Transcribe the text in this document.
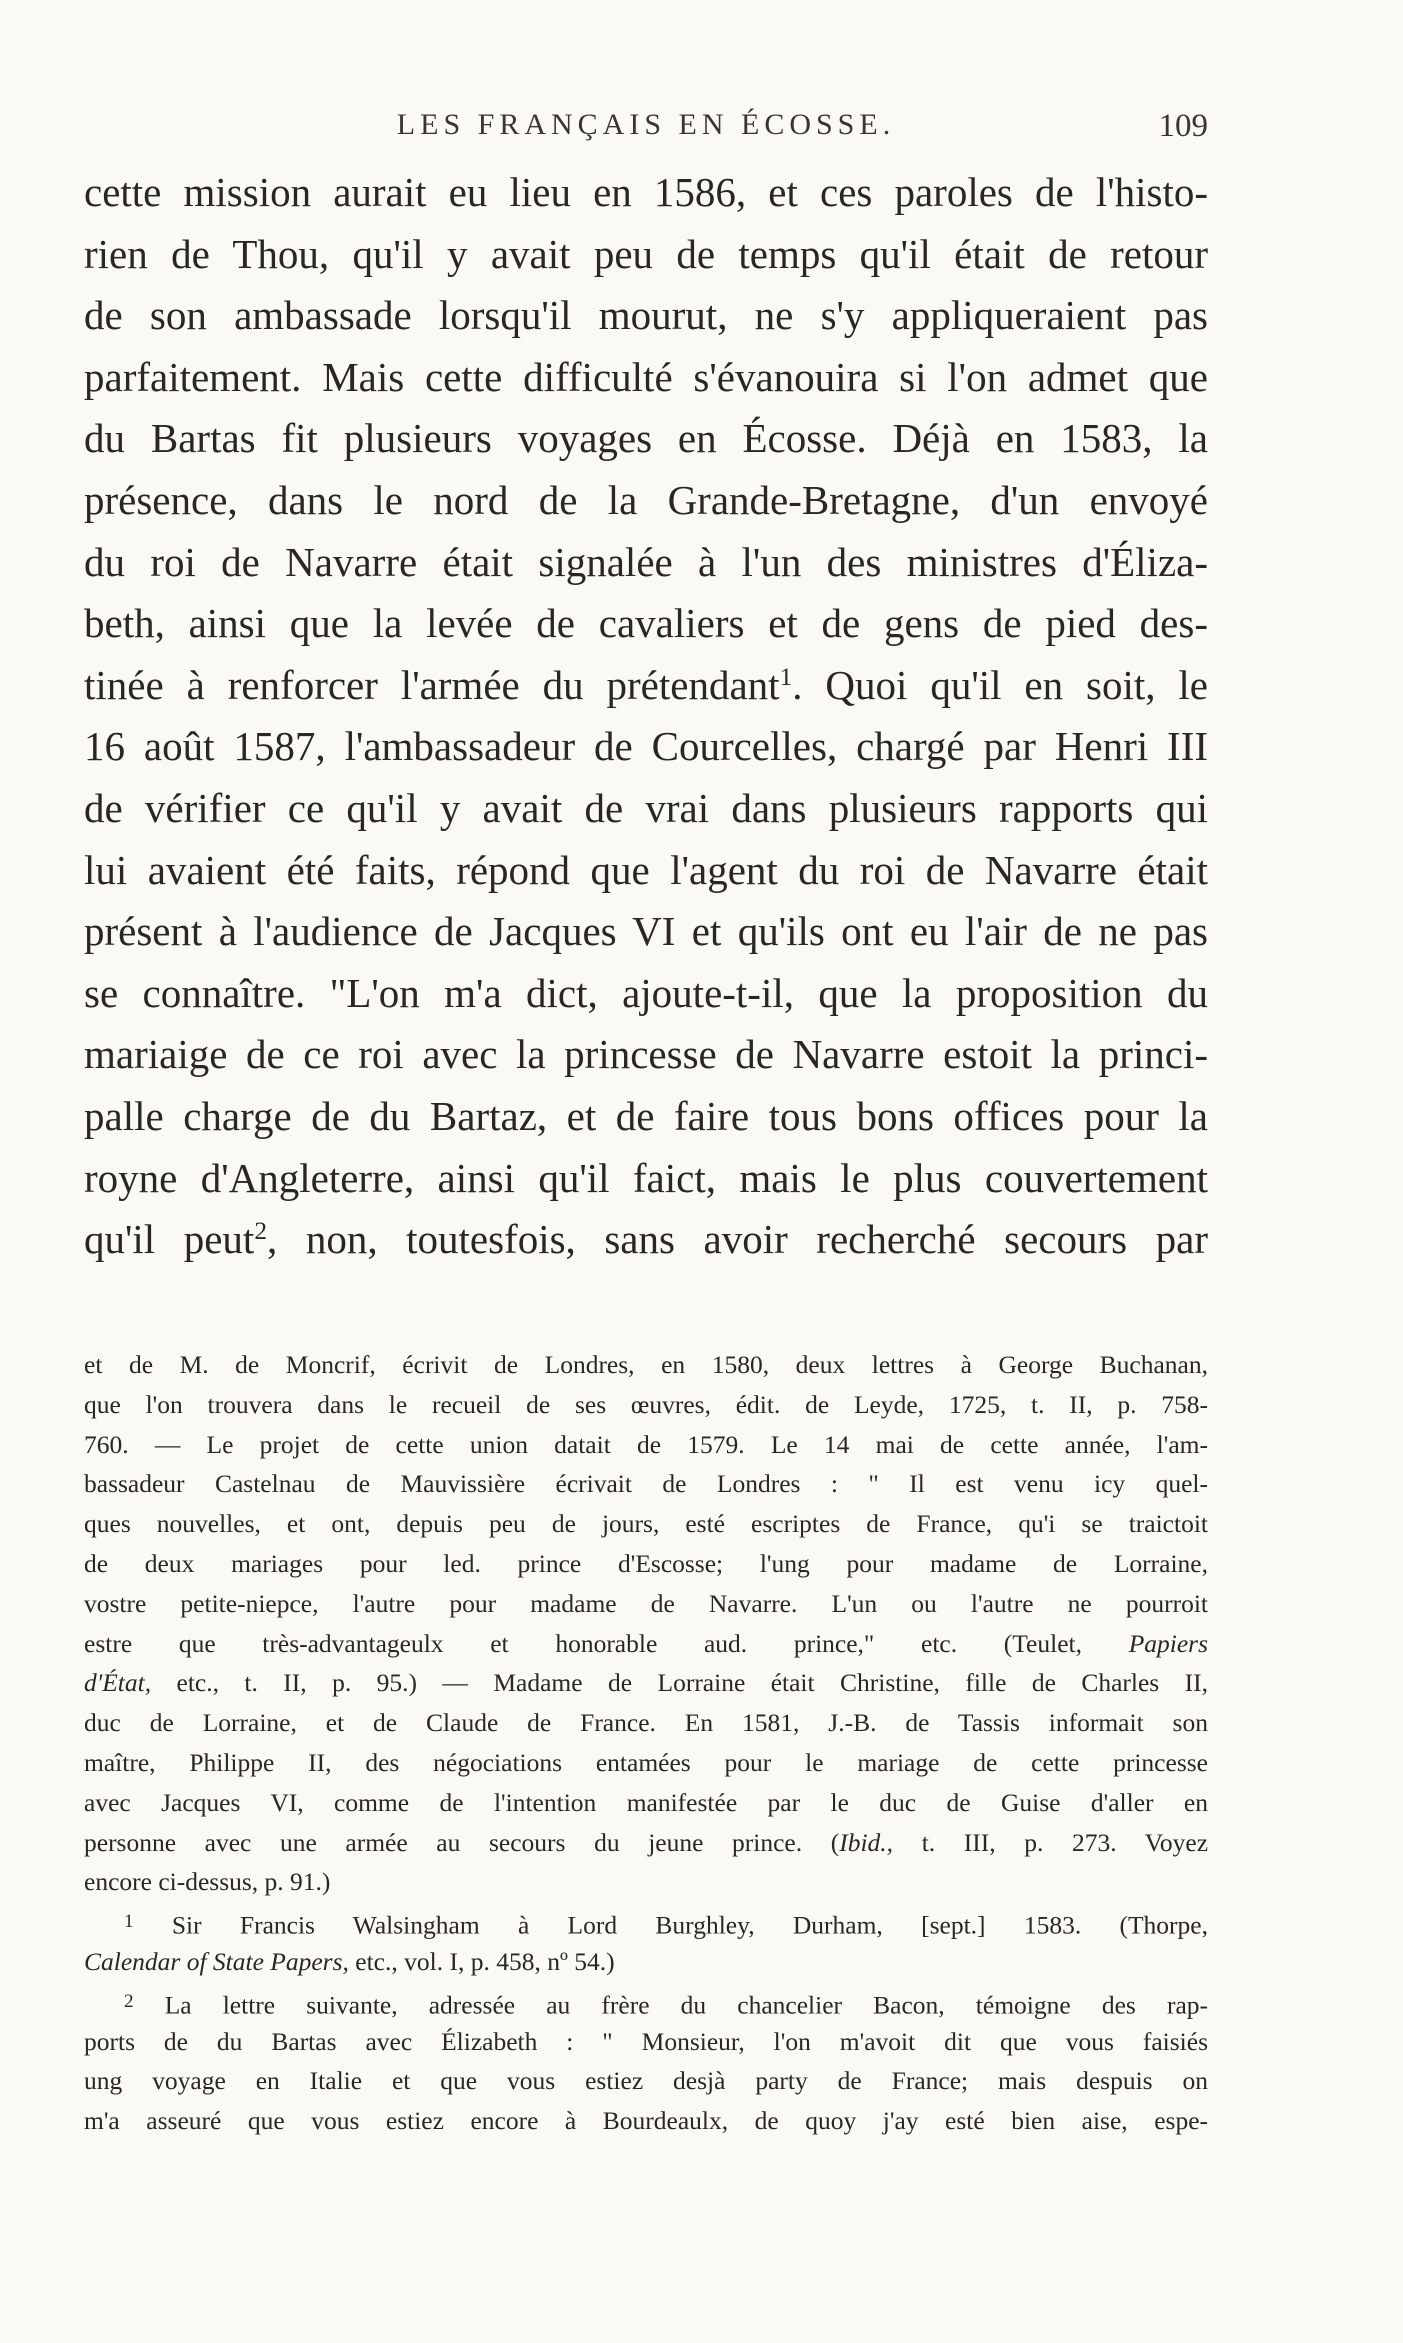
LES FRANÇAIS EN ÉCOSSE.	109
cette mission aurait eu lieu en 1586, et ces paroles de l'histo-
rien de Thou, qu'il y avait peu de temps qu'il était de retour
de son ambassade lorsqu'il mourut, ne s'y appliqueraient pas
parfaitement. Mais cette difficulté s'évanouira si l'on admet que
du Bartas fit plusieurs voyages en Écosse. Déjà en 1583, la
présence, dans le nord de la Grande-Bretagne, d'un envoyé
du roi de Navarre était signalée à l'un des ministres d'Éliza-
beth, ainsi que la levée de cavaliers et de gens de pied des-
tinée à renforcer l'armée du prétendant$^1$. Quoi qu'il en soit, le
16 août 1587, l'ambassadeur de Courcelles, chargé par Henri III
de vérifier ce qu'il y avait de vrai dans plusieurs rapports qui
lui avaient été faits, répond que l'agent du roi de Navarre était
présent à l'audience de Jacques VI et qu'ils ont eu l'air de ne pas
se connaître. "L'on m'a dict, ajoute-t-il, que la proposition du
mariaige de ce roi avec la princesse de Navarre estoit la princi-
palle charge de du Bartaz, et de faire tous bons offices pour la
royne d'Angleterre, ainsi qu'il faict, mais le plus couvertement
qu'il peut$^2$, non, toutesfois, sans avoir recherché secours par
et de M. de Moncrif, écrivit de Londres, en 1580, deux lettres à George Buchanan,
que l'on trouvera dans le recueil de ses œuvres, édit. de Leyde, 1725, t. II, p. 758-
760. — Le projet de cette union datait de 1579. Le 14 mai de cette année, l'am-
bassadeur Castelnau de Mauvissière écrivait de Londres : " Il est venu icy quel-
ques nouvelles, et ont, depuis peu de jours, esté escriptes de France, qu'i se traictoit
de deux mariages pour led. prince d'Escosse; l'ung pour madame de Lorraine,
vostre petite-niepce, l'autre pour madame de Navarre. L'un ou l'autre ne pourroit
estre que très-advantageulx et honorable aud. prince," etc. (Teulet, Papiers
d'État, etc., t. II, p. 95.) — Madame de Lorraine était Christine, fille de Charles II,
duc de Lorraine, et de Claude de France. En 1581, J.-B. de Tassis informait son
maître, Philippe II, des négociations entamées pour le mariage de cette princesse
avec Jacques VI, comme de l'intention manifestée par le duc de Guise d'aller en
personne avec une armée au secours du jeune prince. (Ibid., t. III, p. 273. Voyez
encore ci-dessus, p. 91.)
$^1$ Sir Francis Walsingham à Lord Burghley, Durham, [sept.] 1583. (Thorpe,
Calendar of State Papers, etc., vol. I, p. 458, nº 54.)
$^2$ La lettre suivante, adressée au frère du chancelier Bacon, témoigne des rap-
ports de du Bartas avec Élizabeth : " Monsieur, l'on m'avoit dit que vous faisiés
ung voyage en Italie et que vous estiez desjà party de France; mais despuis on
m'a asseuré que vous estiez encore à Bourdeaulx, de quoy j'ay esté bien aise, espe-
